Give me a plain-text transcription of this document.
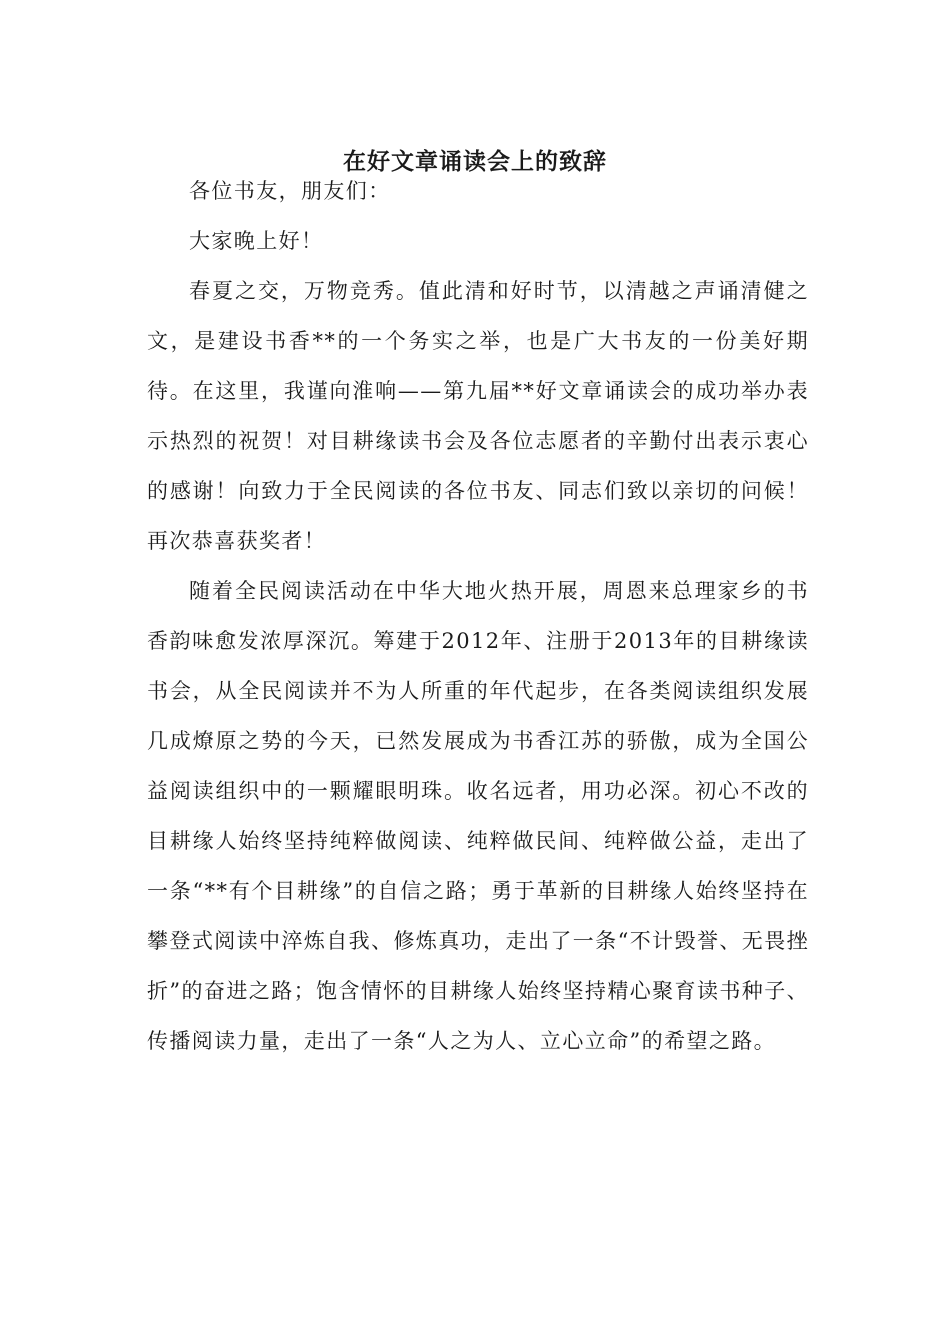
在好文章诵读会上的致辞

各位书友，朋友们：

大家晚上好！

春夏之交，万物竞秀。值此清和好时节，以清越之声诵清健之文，是建设书香**的一个务实之举，也是广大书友的一份美好期待。在这里，我谨向淮响——第九届**好文章诵读会的成功举办表示热烈的祝贺！对目耕缘读书会及各位志愿者的辛勤付出表示衷心的感谢！向致力于全民阅读的各位书友、同志们致以亲切的问候！再次恭喜获奖者！

随着全民阅读活动在中华大地火热开展，周恩来总理家乡的书香韵味愈发浓厚深沉。筹建于2012年、注册于2013年的目耕缘读书会，从全民阅读并不为人所重的年代起步，在各类阅读组织发展几成燎原之势的今天，已然发展成为书香江苏的骄傲，成为全国公益阅读组织中的一颗耀眼明珠。收名远者，用功必深。初心不改的目耕缘人始终坚持纯粹做阅读、纯粹做民间、纯粹做公益，走出了一条“**有个目耕缘”的自信之路；勇于革新的目耕缘人始终坚持在攀登式阅读中淬炼自我、修炼真功，走出了一条“不计毁誉、无畏挫折”的奋进之路；饱含情怀的目耕缘人始终坚持精心聚育读书种子、传播阅读力量，走出了一条“人之为人、立心立命”的希望之路。
